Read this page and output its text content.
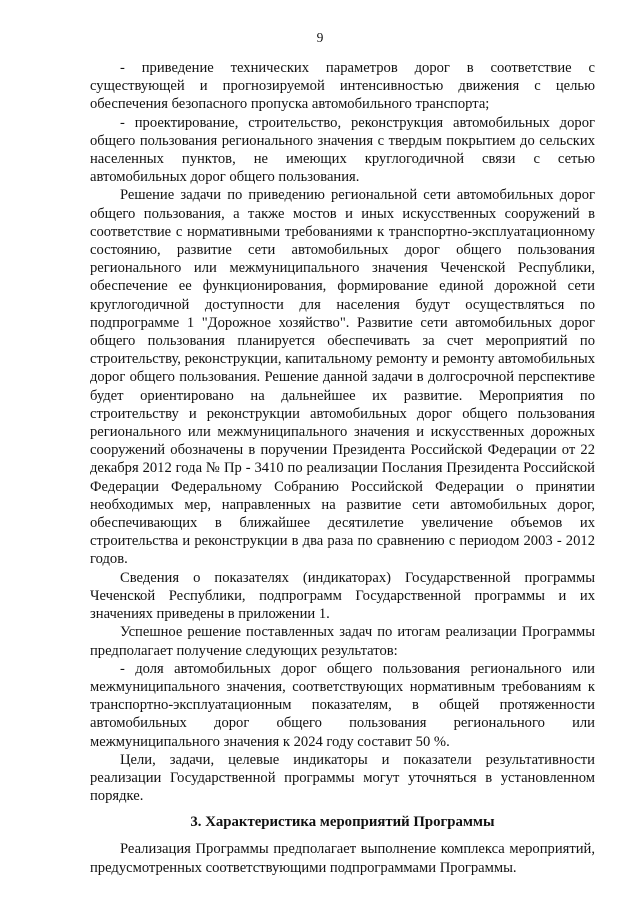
9

- приведение технических параметров дорог в соответствие с существующей и прогнозируемой интенсивностью движения с целью обеспечения безопасного пропуска автомобильного транспорта;

- проектирование, строительство, реконструкция автомобильных дорог общего пользования регионального значения с твердым покрытием до сельских населенных пунктов, не имеющих круглогодичной связи с сетью автомобильных дорог общего пользования.

Решение задачи по приведению региональной сети автомобильных дорог общего пользования, а также мостов и иных искусственных сооружений в соответствие с нормативными требованиями к транспортно-эксплуатационному состоянию, развитие сети автомобильных дорог общего пользования регионального или межмуниципального значения Чеченской Республики, обеспечение ее функционирования, формирование единой дорожной сети круглогодичной доступности для населения будут осуществляться по подпрограмме 1 "Дорожное хозяйство". Развитие сети автомобильных дорог общего пользования планируется обеспечивать за счет мероприятий по строительству, реконструкции, капитальному ремонту и ремонту автомобильных дорог общего пользования. Решение данной задачи в долгосрочной перспективе будет ориентировано на дальнейшее их развитие. Мероприятия по строительству и реконструкции автомобильных дорог общего пользования регионального или межмуниципального значения и искусственных дорожных сооружений обозначены в поручении Президента Российской Федерации от 22 декабря 2012 года № Пр - 3410 по реализации Послания Президента Российской Федерации Федеральному Собранию Российской Федерации о принятии необходимых мер, направленных на развитие сети автомобильных дорог, обеспечивающих в ближайшее десятилетие увеличение объемов их строительства и реконструкции в два раза по сравнению с периодом 2003 - 2012 годов.

Сведения о показателях (индикаторах) Государственной программы Чеченской Республики, подпрограмм Государственной программы и их значениях приведены в приложении 1.

Успешное решение поставленных задач по итогам реализации Программы предполагает получение следующих результатов:

- доля автомобильных дорог общего пользования регионального или межмуниципального значения, соответствующих нормативным требованиям к транспортно-эксплуатационным показателям, в общей протяженности автомобильных дорог общего пользования регионального или межмуниципального значения к 2024 году составит 50 %.

Цели, задачи, целевые индикаторы и показатели результативности реализации Государственной программы могут уточняться в установленном порядке.

3. Характеристика мероприятий Программы

Реализация Программы предполагает выполнение комплекса мероприятий, предусмотренных соответствующими подпрограммами Программы.
